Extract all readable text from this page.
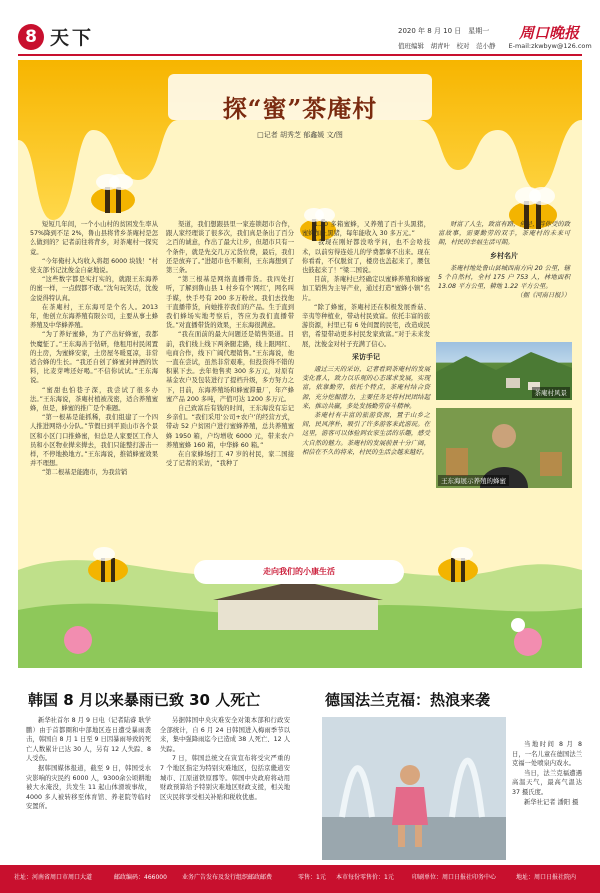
8 天下	2020 年 8 月 10 日　星期一 周口晚报
值班编辑　胡青叶　校对　范小静　　E-mail:zkwbyw@126.com
探“蜜”茶庵村
□记者 胡秀芝 郁鑫媛 文/图

短短几年间，一个小山村的贫困发生率从 57%降到不足 2%，鲁山县将背乡茶庵村是怎么做到的？记者前往将背乡，对茶庵村一探究竟。

“今年俺村入均收入将超 6000 块钱！”村党支部书记沈俊金自豪地说。

“这些数字都是实打实的，就跟王东海养的蜜一样，一点假都不敢。”沈句玩笑话，沈俊金说得特认真。

在茶庵村，王东海可是个名人。2013 年，他创立东海养殖有限公司，主要从事土蜂养殖及中华蜂养殖。

“为了养好蜜蜂，为了产出好蜂蜜，我都快魔怔了。”王东海善于钻研，他租用村民闲置的土房，为蜜蜂安家，土房屋冬暖夏凉，非常适合蜂的生长。“我还自创了蜂蜜封神酒的饮料，比麦芽啤还好喝。”不信你试试。”王东海说。

“蜜甜也怕巷子深，我尝试了很多办法。”王东海说，茶庵村植被茂密，适合养殖蜜蜂，但是，蜂蜜的推广是个难题。

“第一根基是能抓稀，我们组建了一个四人推进网络小分队。”节假日到平顶山市各个景区和小区门口推蜂蜜，但总是人家要区工作人员和小区物业撵来撵去，我们只能整打游击一样，不停地换地方。”王东海说，推销蜂蜜效果并不理想。

“第二根基是能跑市，为我营销

渠道，我们想跟县里一家连锁超市合作，跟人家经理谈了很多次，我们真是条出了百分之百的诚意，作出了最大让步，但超市只有一个条件，就是先交几万元货位费，最后，我们还是放弃了。”进超市也不顺利，王东海想到了第三条。

“第三根基是网络直播带货。我四处打听，了解到鲁山县 1 村乡有个‘网红’，网名叫手媒，快手号有 200 多万粉丝。我们去找他干直播带货，向她推荐我们的产品。生于直到我们蜂场实地考察后，答应为我们直播带货。”对直播带货的效果，王东海很满意。

“我在面前的最大问题还是销售渠道。目前，我们线上线下两条腿走路，线上跟网红、电商合作，线下广阔代理销售。”王东海说，他一直在尝试，虽然非常艰难，但投资得不错的积累下去。去年他售卖 300 多万元，对原有基金农户及包装进行了提档升级，多方努力之下，目前，东海养殖场和蜂蜜滞量厂，年产蜂蜜产品 200 多吨，产值可达 1200 多万元。

自己致富后有钱的时间，王东海没有忘记乡亲们。“我们采用‘公司+农户’的经营方式，带动 52 户贫困户进行蜜蜂养殖，总共养殖蜜蜂 1950 箱，户均增收 6000 元，带来农户养殖蜜蜂 160 箱，中华蜂 60 箱。”

在自家蜂场打工 47 岁的村民，家二国接受了记者的采访，“我种了

1.30 多箱蜜蜂，又养殖了百十头黑猪，蜜蜂加上黑猪，每年能收入 30 多万元。”

“我现在刚好都没啥学问，也不会啥技术，以前穷得连娃儿的学费都拿不出来。现在你看看，不仅脱贫了，楼房也盖起来了，腰包也鼓起来了！”梁二国说。

目前，茶庵村已经确定以蜜蜂养殖和蜂蜜加工销售为主导产业，通过打造“蜜蜂小镇”名片。

“除了蜂蜜，茶庵村还在积极发展香菇、辛夷等种植业，带动村民致富。依托丰富的旅游资源，村里已有 6 处间置的民宅，改造成民宿，希望带动更多村民发家致富。”对于未来发展，沈俊金对村子充满了信心。

采访手记

通过三天的采访，记者看到茶庵村的发展变化喜人，致力以乐观的心态谋求发展，实现富，依靠勤劳，依托个特点，茶庵村结合资源，充分挖掘潜力，主要任务是将村民团结起来，推动共赢，多处发扬勤劳奋斗精神。

茶庵村有丰富的旅游资源，置于山乡之间，民风淳朴，吸引了许多游客来此游玩。在这里，游客可以体验到农家生活的乐趣，感受大自然的魅力。茶庵村的发展前景十分广阔，相信在不久的将来，村民的生活会越来越好。

财富了人生，致富有路，但是，将你受的致富故事，需要勤劳的双手，茶庵村的未来可期，村民的幸福生活可期。

乡村名片

茶庵村地处鲁山县城西南方向 20 公里，辖 5 个自然村，全村 175 户 753 人，林地面积 13.08 平方公里，耕地 1.22 平方公里。

（据《河南日报》）

茶庵村风景
王东海展示养殖的蜂蜜
走向我们的小康生活
韩国 8 月以来暴雨已致 30 人死亡

新华社首尔 8 月 9 日电（记者陆睿 耿学鹏）由于首都圈和中部地区连日遭受暴雨袭击，韩国自 8 月 1 日至 9 日因暴雨导致的死亡人数累计已达 30 人，另有 12 人失踪、8 人受伤。

据韩国媒体报道，截至 9 日，韩国受水灾影响的灾民约 6000 人，9300余公顷耕地被大水淹没，共发生 11 起山体滑坡事故，4000 多人被转移至体育馆、养老院等临时安置所。

另据韩国中央灾难安全对策本部和行政安全部统计，自 6 月 24 日韩国进入梅雨季节以来，集中强降雨迄今已造成 38 人死亡、12 人失踪。

7 日，韩国总统文在寅宣布将受灾严重的 7 个地区指定为特别灾难地区，包括京畿道安城市、江原道铁原郡等。韩国中央政府将动用财政预算给予特别灾难地区财政支援，相关地区灾民将享受相关补贴和税收优惠。

德国法兰克福：热浪来袭

当地时间 8 月 8 日，一名儿童在德国法兰克福一处喷泉内戏水。

当日，法兰克福遭遇高温天气，最高气温达 37 摄氏度。

新华社记者 潘阳 摄

社址：河南省周口市周口大道	邮政编码：466000	业务广告发布及发行组织邮政邮费	零售：1元 本市每份零售价：1元	印刷单位：周口日报社印务中心	地址：周口日报社院内
